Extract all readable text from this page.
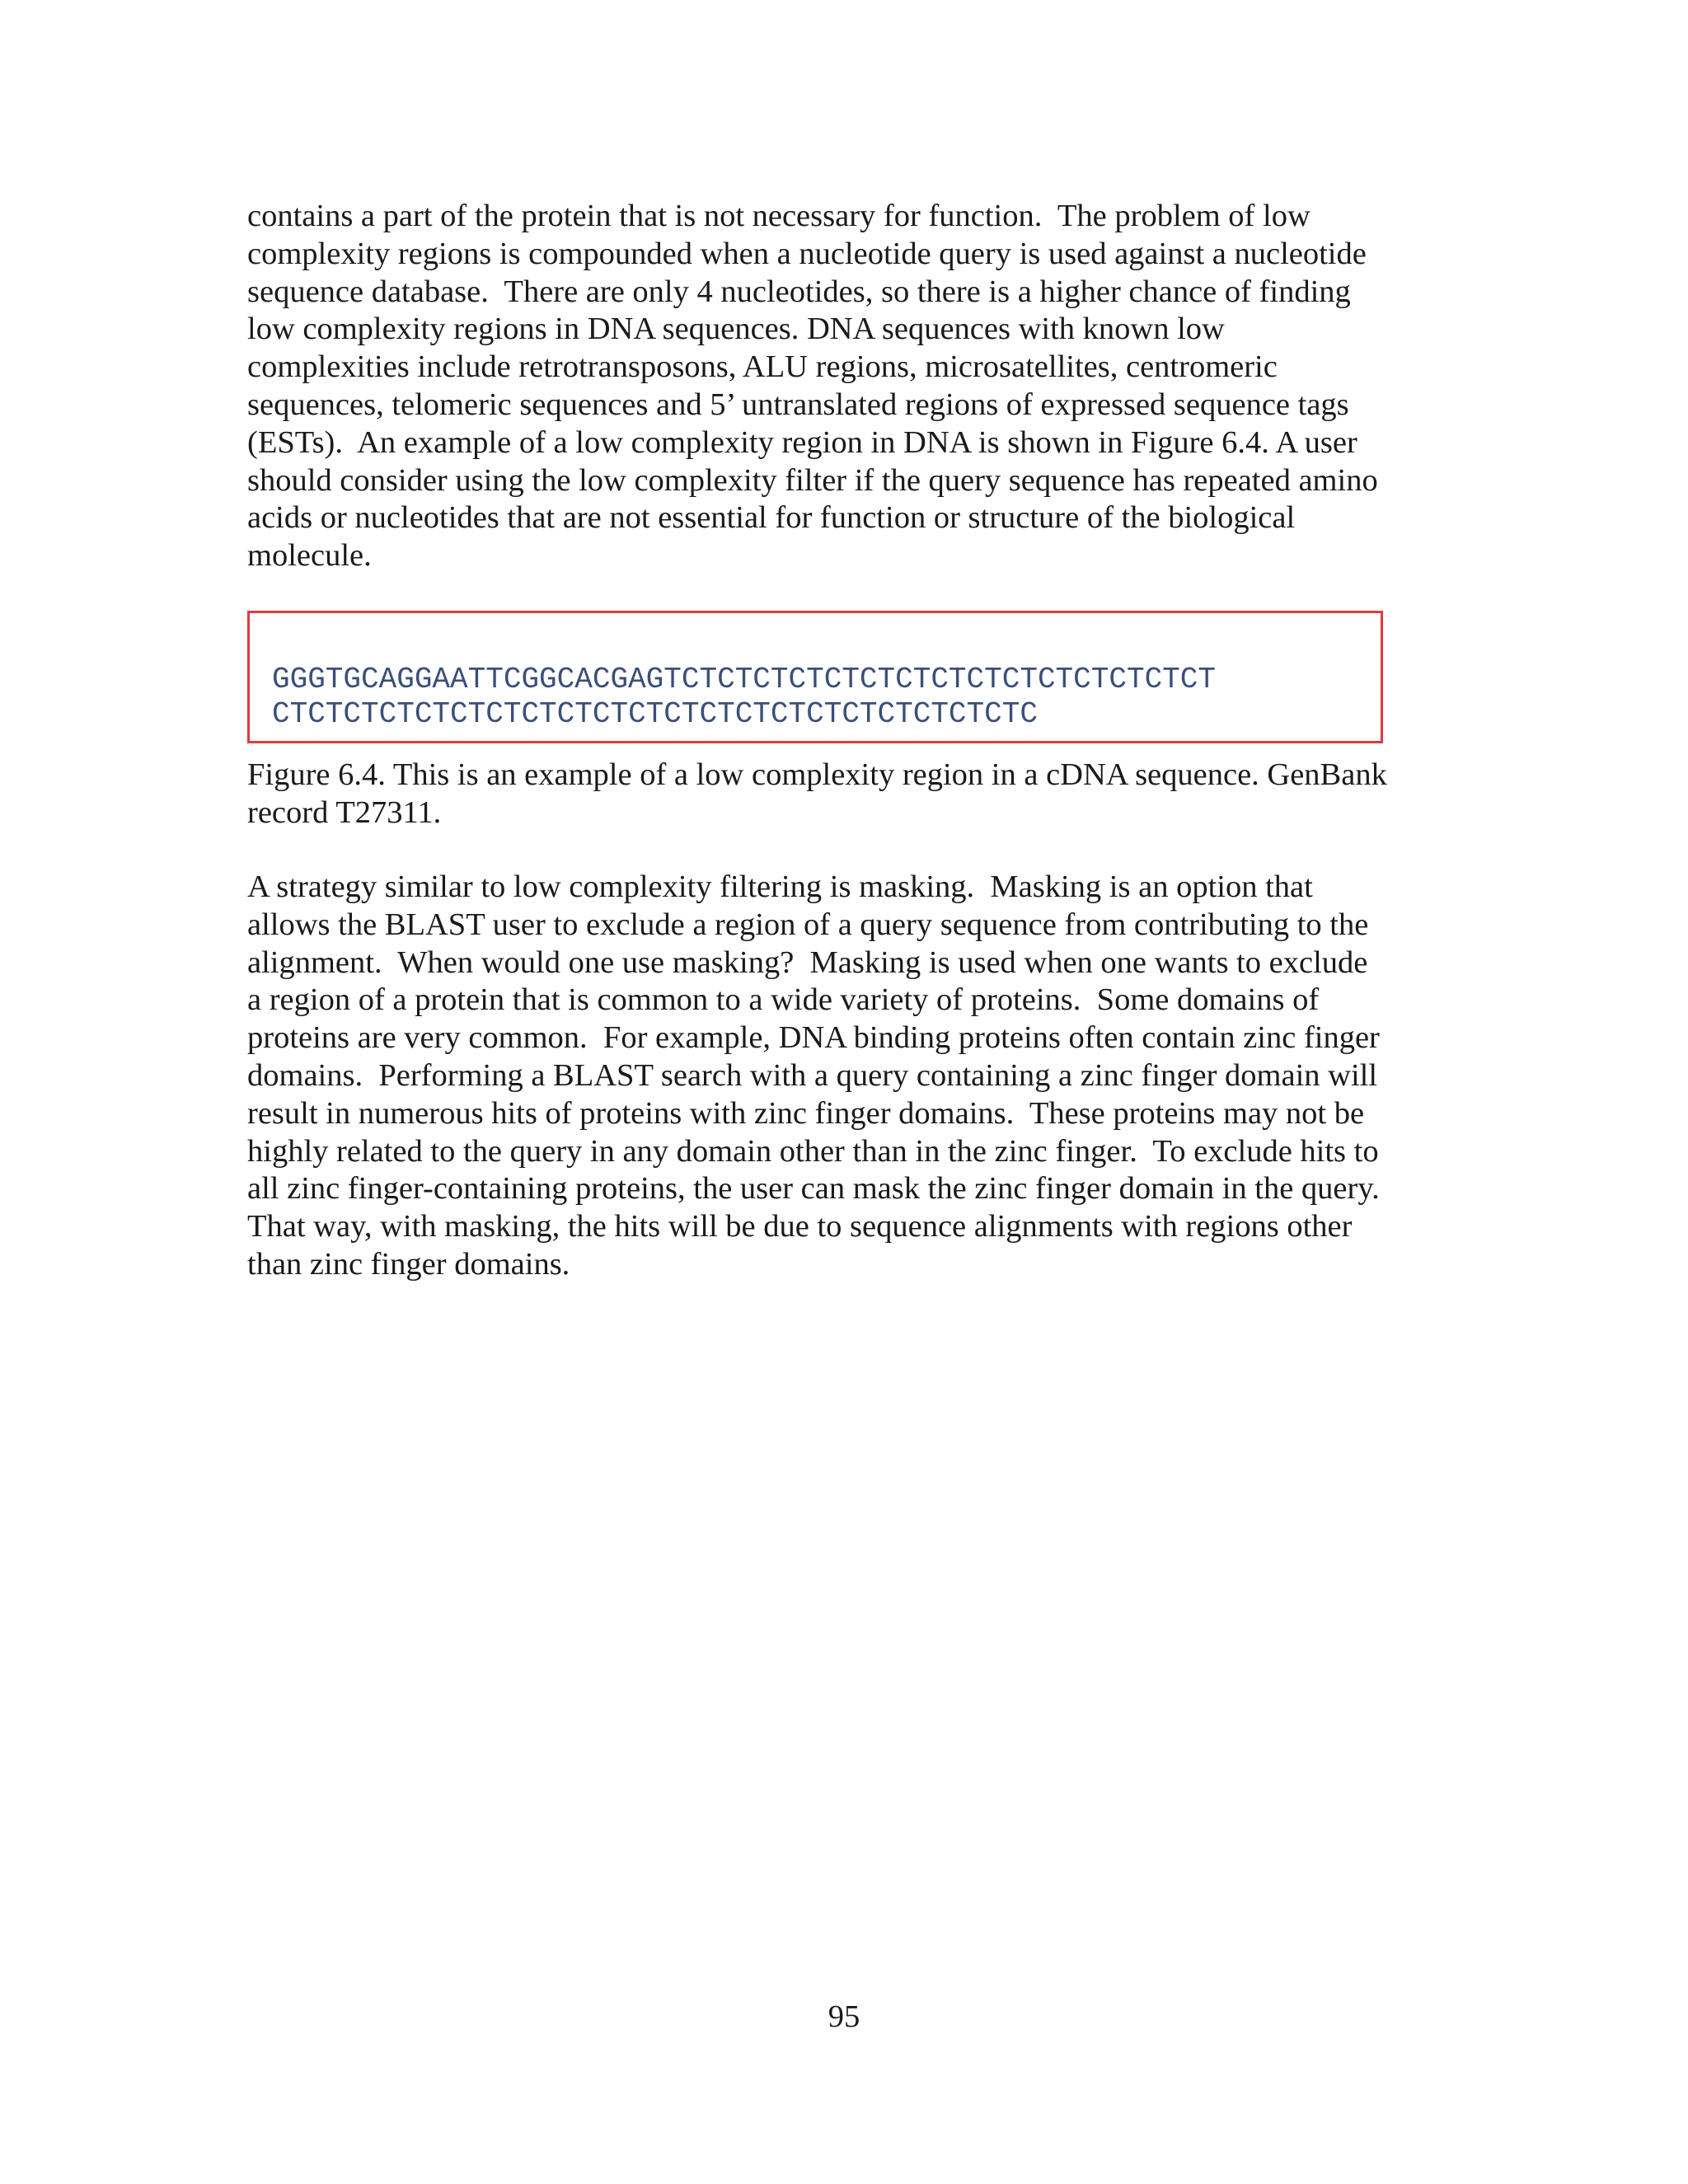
contains a part of the protein that is not necessary for function.  The problem of low
complexity regions is compounded when a nucleotide query is used against a nucleotide
sequence database.  There are only 4 nucleotides, so there is a higher chance of finding
low complexity regions in DNA sequences. DNA sequences with known low
complexities include retrotransposons, ALU regions, microsatellites, centromeric
sequences, telomeric sequences and 5’ untranslated regions of expressed sequence tags
(ESTs).  An example of a low complexity region in DNA is shown in Figure 6.4. A user
should consider using the low complexity filter if the query sequence has repeated amino
acids or nucleotides that are not essential for function or structure of the biological
molecule.

GGGTGCAGGAATTCGGCACGAGTCTCTCTCTCTCTCTCTCTCTCTCTCTCTCT
CTCTCTCTCTCTCTCTCTCTCTCTCTCTCTCTCTCTCTCTCTC

Figure 6.4. This is an example of a low complexity region in a cDNA sequence. GenBank
record T27311.

A strategy similar to low complexity filtering is masking.  Masking is an option that
allows the BLAST user to exclude a region of a query sequence from contributing to the
alignment.  When would one use masking?  Masking is used when one wants to exclude
a region of a protein that is common to a wide variety of proteins.  Some domains of
proteins are very common.  For example, DNA binding proteins often contain zinc finger
domains.  Performing a BLAST search with a query containing a zinc finger domain will
result in numerous hits of proteins with zinc finger domains.  These proteins may not be
highly related to the query in any domain other than in the zinc finger.  To exclude hits to
all zinc finger-containing proteins, the user can mask the zinc finger domain in the query.
That way, with masking, the hits will be due to sequence alignments with regions other
than zinc finger domains.

95
